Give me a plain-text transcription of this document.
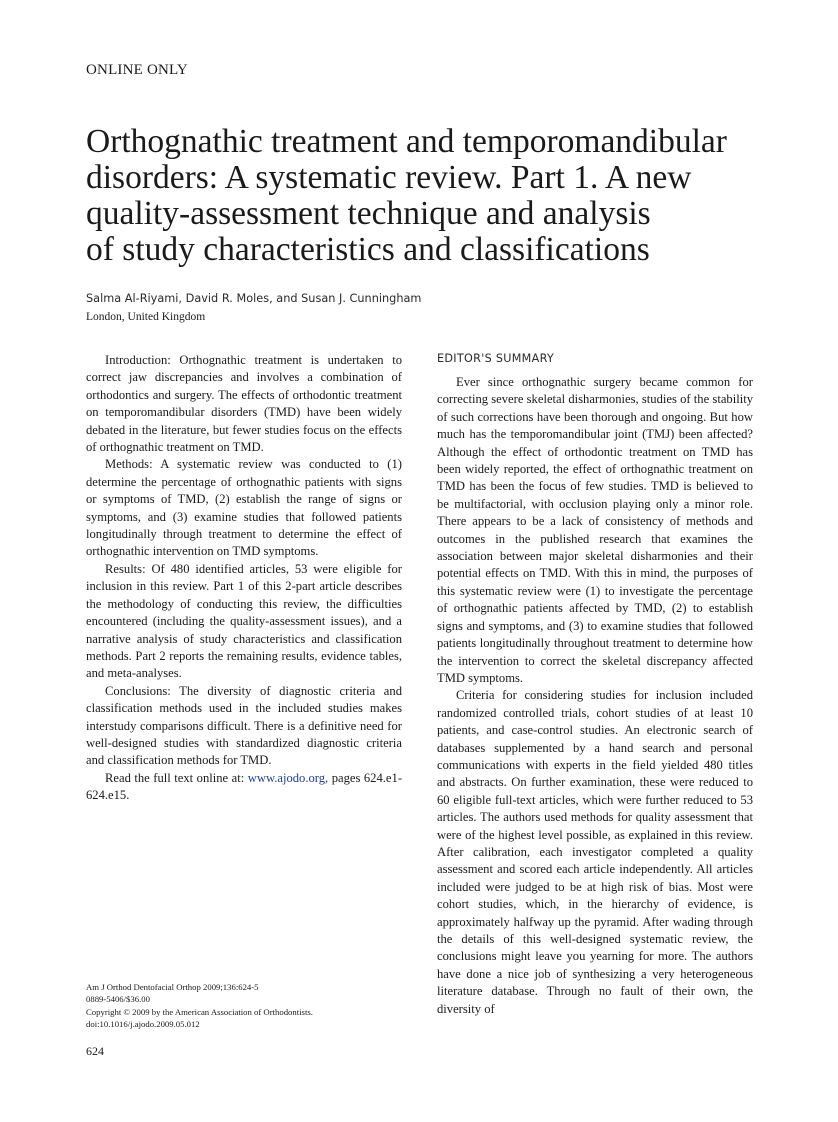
ONLINE ONLY
Orthognathic treatment and temporomandibular
disorders: A systematic review. Part 1. A new
quality-assessment technique and analysis
of study characteristics and classifications
Salma Al-Riyami, David R. Moles, and Susan J. Cunningham
London, United Kingdom

Introduction: Orthognathic treatment is undertaken to correct jaw discrepancies and involves a combination of orthodontics and surgery. The effects of orthodontic treatment on temporomandibular disorders (TMD) have been widely debated in the literature, but fewer studies focus on the effects of orthognathic treatment on TMD.

Methods: A systematic review was conducted to (1) determine the percentage of orthognathic patients with signs or symptoms of TMD, (2) establish the range of signs or symptoms, and (3) examine studies that followed patients longitudinally through treatment to determine the effect of orthognathic intervention on TMD symptoms.

Results: Of 480 identified articles, 53 were eligible for inclusion in this review. Part 1 of this 2-part article describes the methodology of conducting this review, the difficulties encountered (including the quality-assessment issues), and a narrative analysis of study characteristics and classification methods. Part 2 reports the remaining results, evidence tables, and meta-analyses.

Conclusions: The diversity of diagnostic criteria and classification methods used in the included studies makes interstudy comparisons difficult. There is a definitive need for well-designed studies with standardized diagnostic criteria and classification methods for TMD.

Read the full text online at: www.ajodo.org, pages 624.e1-624.e15.

EDITOR'S SUMMARY

Ever since orthognathic surgery became common for correcting severe skeletal disharmonies, studies of the stability of such corrections have been thorough and ongoing. But how much has the temporomandibular joint (TMJ) been affected? Although the effect of orthodontic treatment on TMD has been widely reported, the effect of orthognathic treatment on TMD has been the focus of few studies. TMD is believed to be multifactorial, with occlusion playing only a minor role. There appears to be a lack of consistency of methods and outcomes in the published research that examines the association between major skeletal disharmonies and their potential effects on TMD. With this in mind, the purposes of this systematic review were (1) to investigate the percentage of orthognathic patients affected by TMD, (2) to establish signs and symptoms, and (3) to examine studies that followed patients longitudinally throughout treatment to determine how the intervention to correct the skeletal discrepancy affected TMD symptoms.

Criteria for considering studies for inclusion included randomized controlled trials, cohort studies of at least 10 patients, and case-control studies. An electronic search of databases supplemented by a hand search and personal communications with experts in the field yielded 480 titles and abstracts. On further examination, these were reduced to 60 eligible full-text articles, which were further reduced to 53 articles. The authors used methods for quality assessment that were of the highest level possible, as explained in this review. After calibration, each investigator completed a quality assessment and scored each article independently. All articles included were judged to be at high risk of bias. Most were cohort studies, which, in the hierarchy of evidence, is approximately halfway up the pyramid. After wading through the details of this well-designed systematic review, the conclusions might leave you yearning for more. The authors have done a nice job of synthesizing a very heterogeneous literature database. Through no fault of their own, the diversity of

Am J Orthod Dentofacial Orthop 2009;136:624-5
0889-5406/$36.00
Copyright © 2009 by the American Association of Orthodontists.
doi:10.1016/j.ajodo.2009.05.012
624
